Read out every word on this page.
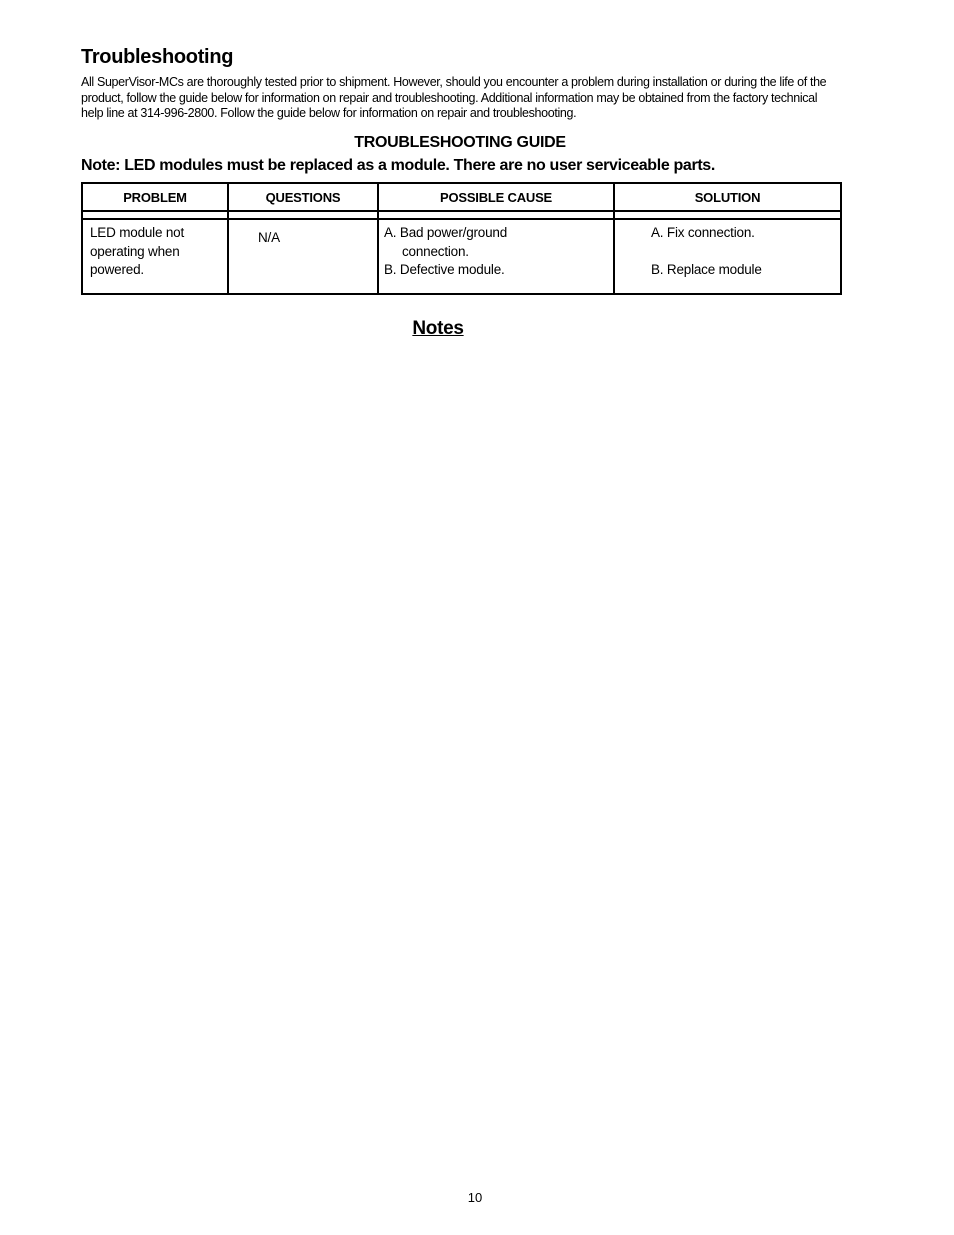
Troubleshooting

All SuperVisor-MCs are thoroughly tested prior to shipment. However, should you encounter a problem during installation or during the life of the product, follow the guide below for information on repair and troubleshooting. Additional information may be obtained from the factory technical help line at 314-996-2800. Follow the guide below for information on repair and troubleshooting.

TROUBLESHOOTING GUIDE

Note: LED modules must be replaced as a module. There are no user serviceable parts.

PROBLEM	QUESTIONS	POSSIBLE CAUSE	SOLUTION

LED module not
operating when
powered.	N/A	A. Bad power/ground
connection.
B. Defective module.	A. Fix connection.
B. Replace module
Notes
10
